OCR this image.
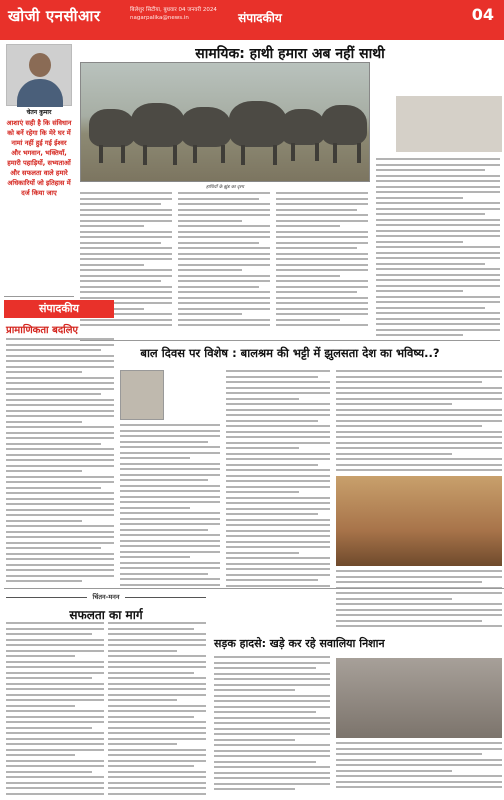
खोजी एनसीआर	बिलेशुर सिटीया, बुधवार 04 जनवरी 2024
nagarpalika@news.in	संपादकीय	04
चेतन कुमार
आशाएं सही है कि संविधान को बनें रहेगा कि मेरे घर में नामां नहीं हुई गई ईश्वर और भगवान, भक्तियाँ, हमारी पहाड़ियों, सभ्यताओं और सफलता वाले हमारे अधिकारियों जो इतिहास में दर्ज किया जाए
सामयिक: हाथी हमारा अब नहीं साथी
हाथियों के झुंड का दृश्य
संपादकीय
प्रामाणिकता बदलिए
बाल दिवस पर विशेष : बालश्रम की भट्टी में झुलसता देश का भविष्य..?
चिंतन-मनन
सफलता का मार्ग
सड़क हादसे: खड़े कर रहे सवालिया निशान
